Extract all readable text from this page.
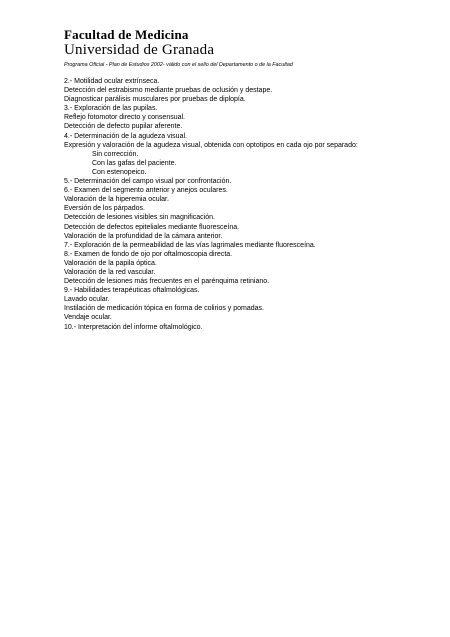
Facultad de Medicina
Universidad de Granada
Programa Oficial - Plan de Estudios 2002- válido con el sello del Departamento o de la Facultad
2.- Motilidad ocular extrínseca.
Detección del estrabismo mediante pruebas de oclusión y destape.
Diagnosticar parálisis musculares por pruebas de diplopía.
3.- Exploración de las pupilas.
Reflejo fotomotor directo y consensual.
Detección de defecto pupilar aferente.
4.- Determinación de la agudeza visual.
Expresión y valoración de la agudeza visual, obtenida con optotipos en cada ojo por separado:
Sin corrección.
Con las gafas del paciente.
Con estenopeico.
5.- Determinación del campo visual por confrontación.
6.- Examen del segmento anterior y anejos oculares.
Valoración de la hiperemia ocular.
Eversión de los párpados.
Detección de lesiones visibles sin magnificación.
Detección de defectos epiteliales mediante fluoresceína.
Valoración de la profundidad de la cámara anterior.
7.- Exploración de la permeabilidad de las vías lagrimales mediante fluoresceína.
8.- Examen de fondo de ojo por oftalmoscopia directa.
Valoración de la papila óptica.
Valoración de la red vascular.
Detección de lesiones más frecuentes en el parénquima retiniano.
9.- Habilidades terapéuticas oftalmológicas.
Lavado ocular.
Instilación de medicación tópica en forma de colirios y pomadas.
Vendaje ocular.
10.- Interpretación del informe oftalmológico.
